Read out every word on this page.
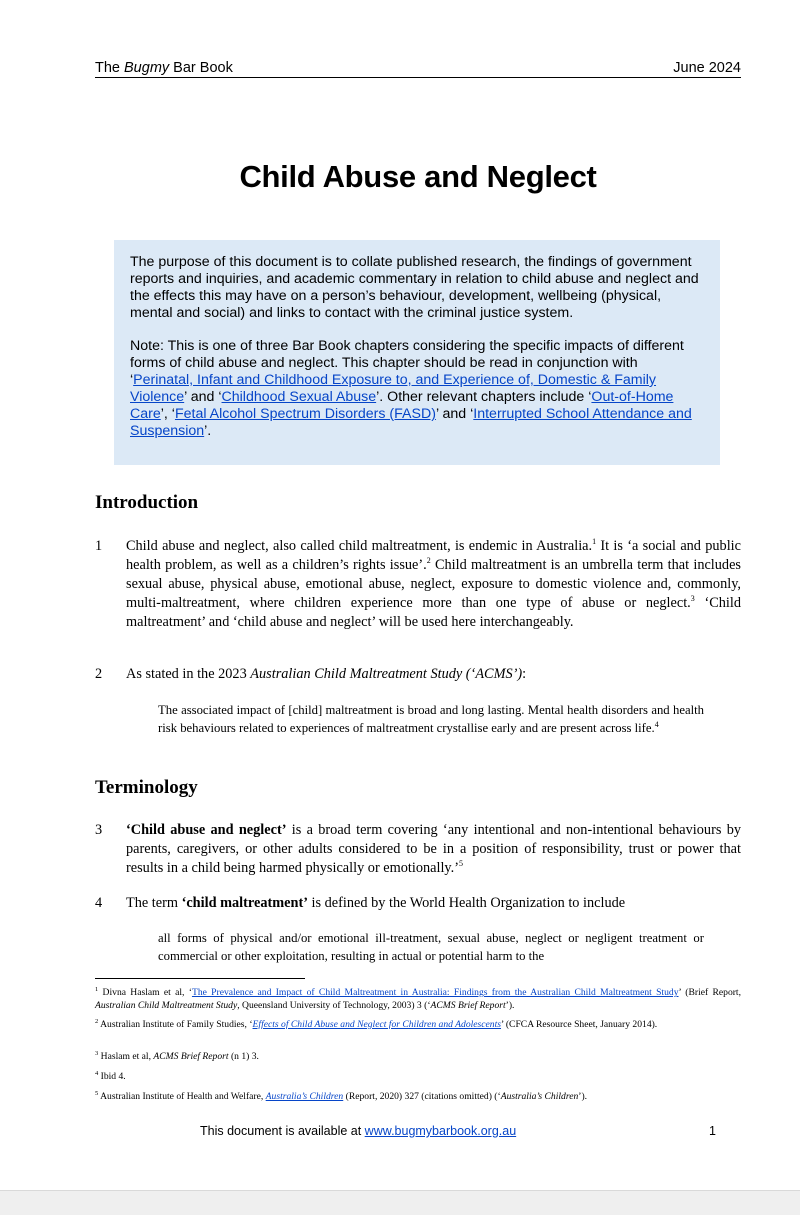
The Bugmy Bar Book	June 2024
Child Abuse and Neglect

The purpose of this document is to collate published research, the findings of government reports and inquiries, and academic commentary in relation to child abuse and neglect and the effects this may have on a person’s behaviour, development, wellbeing (physical, mental and social) and links to contact with the criminal justice system.

Note: This is one of three Bar Book chapters considering the specific impacts of different forms of child abuse and neglect. This chapter should be read in conjunction with ‘Perinatal, Infant and Childhood Exposure to, and Experience of, Domestic & Family Violence’ and ‘Childhood Sexual Abuse’. Other relevant chapters include ‘Out-of-Home Care’, ‘Fetal Alcohol Spectrum Disorders (FASD)’ and ‘Interrupted School Attendance and Suspension’.

Introduction
1	Child abuse and neglect, also called child maltreatment, is endemic in Australia.$^1$ It is ‘a social and public health problem, as well as a children’s rights issue’.$^2$ Child maltreatment is an umbrella term that includes sexual abuse, physical abuse, emotional abuse, neglect, exposure to domestic violence and, commonly, multi-maltreatment, where children experience more than one type of abuse or neglect.$^3$ ‘Child maltreatment’ and ‘child abuse and neglect’ will be used here interchangeably.
2	As stated in the 2023 Australian Child Maltreatment Study (‘ACMS’):
The associated impact of [child] maltreatment is broad and long lasting. Mental health disorders and health risk behaviours related to experiences of maltreatment crystallise early and are present across life.$^4$
Terminology
3	‘Child abuse and neglect’ is a broad term covering ‘any intentional and non-intentional behaviours by parents, caregivers, or other adults considered to be in a position of responsibility, trust or power that results in a child being harmed physically or emotionally.’$^5$
4	The term ‘child maltreatment’ is defined by the World Health Organization to include
all forms of physical and/or emotional ill-treatment, sexual abuse, neglect or negligent treatment or commercial or other exploitation, resulting in actual or potential harm to the
$^1$ Divna Haslam et al, ‘The Prevalence and Impact of Child Maltreatment in Australia: Findings from the Australian Child Maltreatment Study’ (Brief Report, Australian Child Maltreatment Study, Queensland University of Technology, 2003) 3 (‘ACMS Brief Report’).
$^2$ Australian Institute of Family Studies, ‘Effects of Child Abuse and Neglect for Children and Adolescents’ (CFCA Resource Sheet, January 2014).
$^3$ Haslam et al, ACMS Brief Report (n 1) 3.
$^4$ Ibid 4.
$^5$ Australian Institute of Health and Welfare, Australia’s Children (Report, 2020) 327 (citations omitted) (‘Australia’s Children’).
This document is available at www.bugmybarbook.org.au	1
